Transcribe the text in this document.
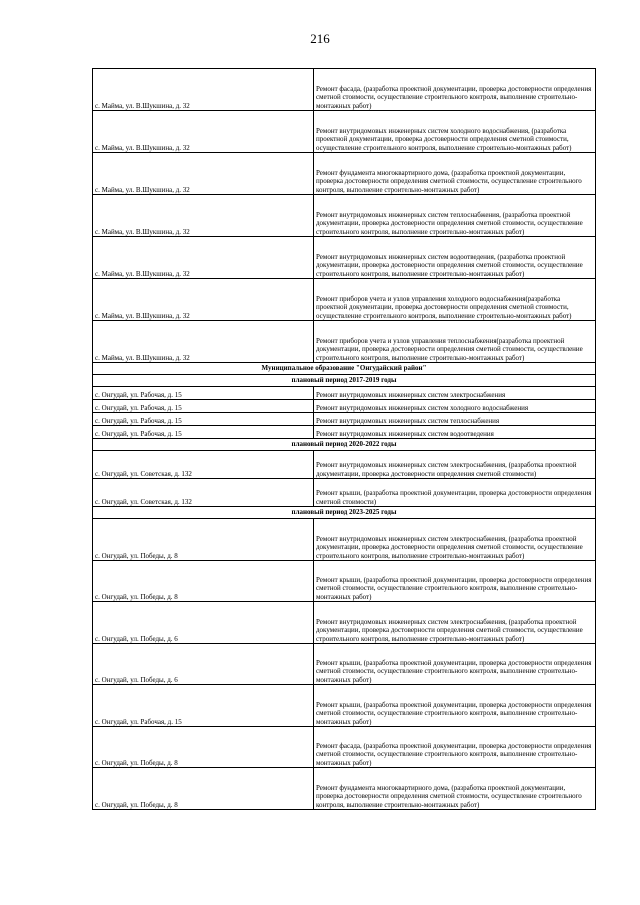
216
с. Майма, ул. В.Шукшина, д. 32	Ремонт фасада, (разработка проектной документации, проверка достоверности определения сметной стоимости, осуществление строительного контроля, выполнение строительно-монтажных работ)
с. Майма, ул. В.Шукшина, д. 32	Ремонт внутридомовых инженерных систем холодного водоснабжения, (разработка проектной документации, проверка достоверности определения сметной стоимости, осуществление строительного контроля, выполнение строительно-монтажных работ)
с. Майма, ул. В.Шукшина, д. 32	Ремонт фундамента многоквартирного дома, (разработка проектной документации, проверка достоверности определения сметной стоимости, осуществление строительного контроля, выполнение строительно-монтажных работ)
с. Майма, ул. В.Шукшина, д. 32	Ремонт внутридомовых инженерных систем теплоснабжения, (разработка проектной документации, проверка достоверности определения сметной стоимости, осуществление строительного контроля, выполнение строительно-монтажных работ)
с. Майма, ул. В.Шукшина, д. 32	Ремонт внутридомовых инженерных систем водоотведения, (разработка проектной документации, проверка достоверности определения сметной стоимости, осуществление строительного контроля, выполнение строительно-монтажных работ)
с. Майма, ул. В.Шукшина, д. 32	Ремонт приборов учета и узлов управления холодного водоснабжения(разработка проектной документации, проверка достоверности определения сметной стоимости, осуществление строительного контроля, выполнение строительно-монтажных работ)
с. Майма, ул. В.Шукшина, д. 32	Ремонт приборов учета и узлов управления теплоснабжения(разработка проектной документации, проверка достоверности определения сметной стоимости, осуществление строительного контроля, выполнение строительно-монтажных работ)
Муниципальное образование "Онгудайский район"	
плановый период 2017-2019 годы	
с. Онгудай, ул. Рабочая, д. 15	Ремонт внутридомовых инженерных систем электроснабжения
с. Онгудай, ул. Рабочая, д. 15	Ремонт внутридомовых инженерных систем холодного водоснабжения
с. Онгудай, ул. Рабочая, д. 15	Ремонт внутридомовых инженерных систем теплоснабжения
с. Онгудай, ул. Рабочая, д. 15	Ремонт внутридомовых инженерных систем водоотведения
плановый период 2020-2022 годы	
с. Онгудай, ул. Советская, д. 132	Ремонт внутридомовых инженерных систем электроснабжения, (разработка проектной документации, проверка достоверности определения сметной стоимости)
с. Онгудай, ул. Советская, д. 132	Ремонт крыши, (разработка проектной документации, проверка достоверности определения сметной стоимости)
плановый период 2023-2025 годы	
с. Онгудай, ул. Победы, д. 8	Ремонт внутридомовых инженерных систем электроснабжения, (разработка проектной документации, проверка достоверности определения сметной стоимости, осуществление строительного контроля, выполнение строительно-монтажных работ)
с. Онгудай, ул. Победы, д. 8	Ремонт крыши, (разработка проектной документации, проверка достоверности определения сметной стоимости, осуществление строительного контроля, выполнение строительно-монтажных работ)
с. Онгудай, ул. Победы, д. 6	Ремонт внутридомовых инженерных систем электроснабжения, (разработка проектной документации, проверка достоверности определения сметной стоимости, осуществление строительного контроля, выполнение строительно-монтажных работ)
с. Онгудай, ул. Победы, д. 6	Ремонт крыши, (разработка проектной документации, проверка достоверности определения сметной стоимости, осуществление строительного контроля, выполнение строительно-монтажных работ)
с. Онгудай, ул. Рабочая, д. 15	Ремонт крыши, (разработка проектной документации, проверка достоверности определения сметной стоимости, осуществление строительного контроля, выполнение строительно-монтажных работ)
с. Онгудай, ул. Победы, д. 8	Ремонт фасада, (разработка проектной документации, проверка достоверности определения сметной стоимости, осуществление строительного контроля, выполнение строительно-монтажных работ)
с. Онгудай, ул. Победы, д. 8	Ремонт фундамента многоквартирного дома, (разработка проектной документации, проверка достоверности определения сметной стоимости, осуществление строительного контроля, выполнение строительно-монтажных работ)
